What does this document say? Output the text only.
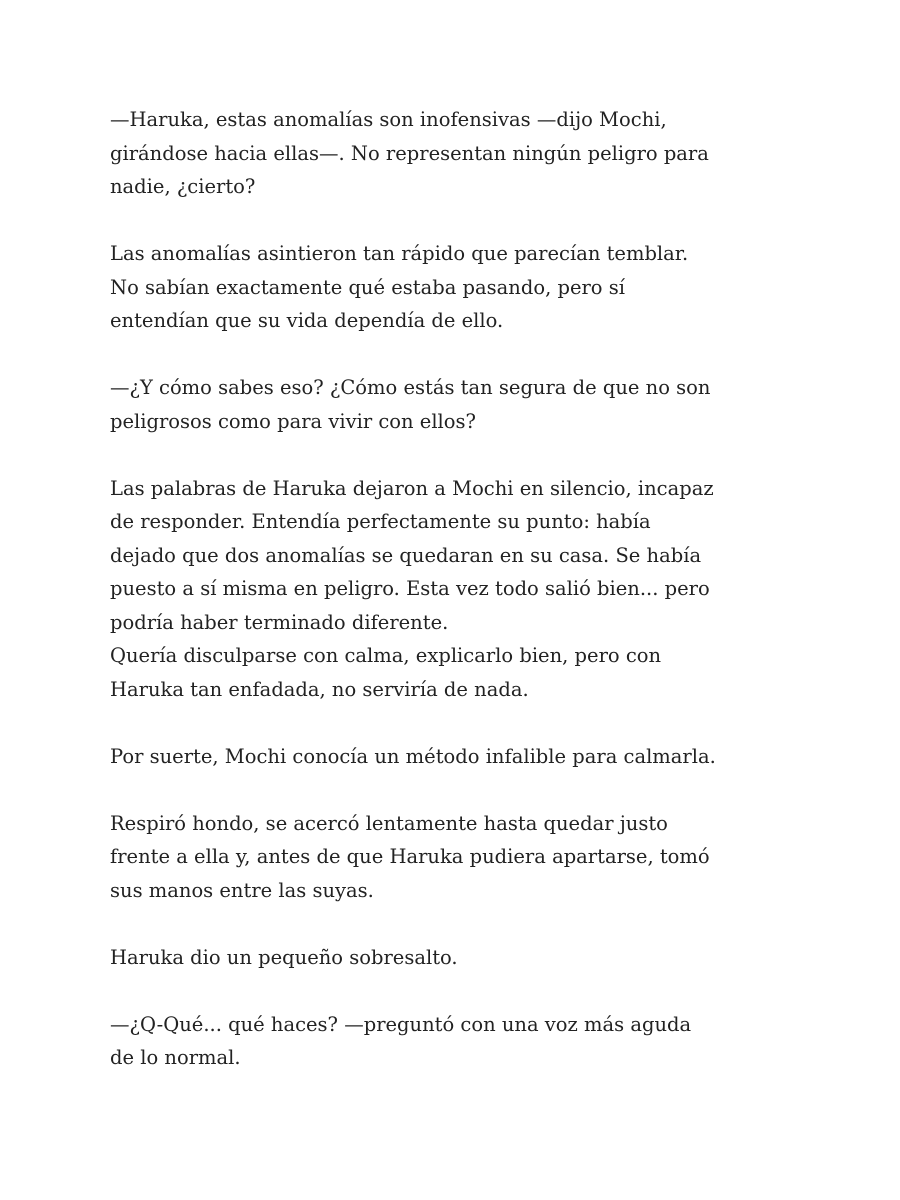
—Haruka, estas anomalías son inofensivas —dijo Mochi,
girándose hacia ellas—. No representan ningún peligro para
nadie, ¿cierto?
Las anomalías asintieron tan rápido que parecían temblar.
No sabían exactamente qué estaba pasando, pero sí
entendían que su vida dependía de ello.
—¿Y cómo sabes eso? ¿Cómo estás tan segura de que no son
peligrosos como para vivir con ellos?
Las palabras de Haruka dejaron a Mochi en silencio, incapaz
de responder. Entendía perfectamente su punto: había
dejado que dos anomalías se quedaran en su casa. Se había
puesto a sí misma en peligro. Esta vez todo salió bien... pero
podría haber terminado diferente.
Quería disculparse con calma, explicarlo bien, pero con
Haruka tan enfadada, no serviría de nada.
Por suerte, Mochi conocía un método infalible para calmarla.
Respiró hondo, se acercó lentamente hasta quedar justo
frente a ella y, antes de que Haruka pudiera apartarse, tomó
sus manos entre las suyas.
Haruka dio un pequeño sobresalto.
—¿Q-Qué... qué haces? —preguntó con una voz más aguda
de lo normal.
